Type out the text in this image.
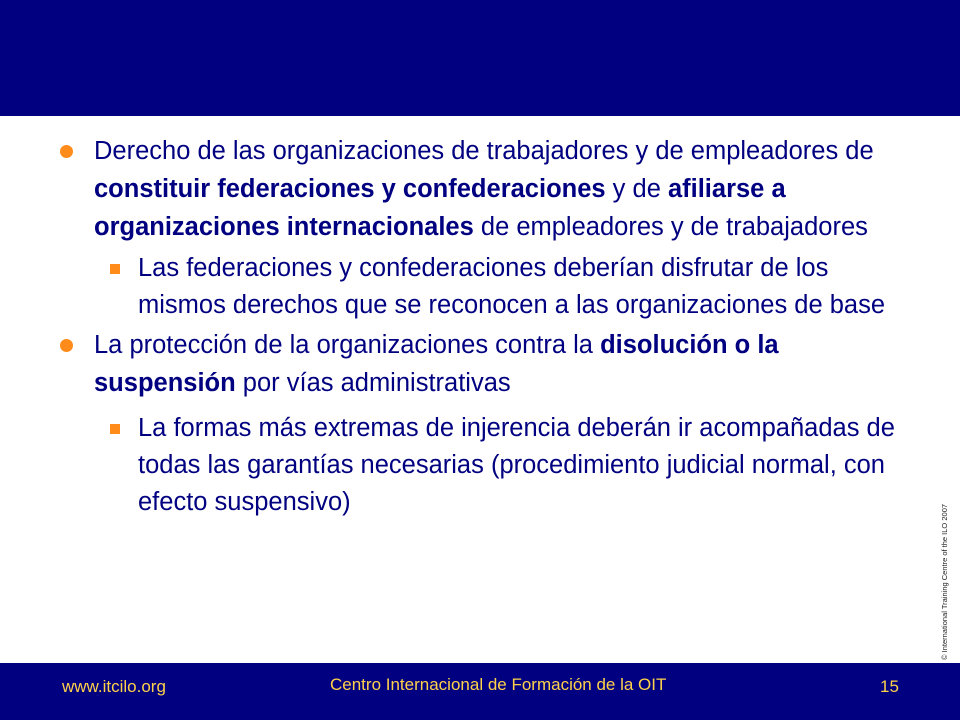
Derecho de las organizaciones de trabajadores y de empleadores de constituir federaciones y confederaciones y de afiliarse a organizaciones internacionales de empleadores y de trabajadores

Las federaciones y confederaciones deberían disfrutar de los mismos derechos que se reconocen a las organizaciones de base

La protección de la organizaciones contra la disolución o la suspensión por vías administrativas

La formas más extremas de injerencia deberán ir acompañadas de todas las garantías necesarias (procedimiento judicial normal, con efecto suspensivo)

© International Training Centre of the ILO 2007
www.itcilo.org	Centro Internacional de Formación de la OIT	15
